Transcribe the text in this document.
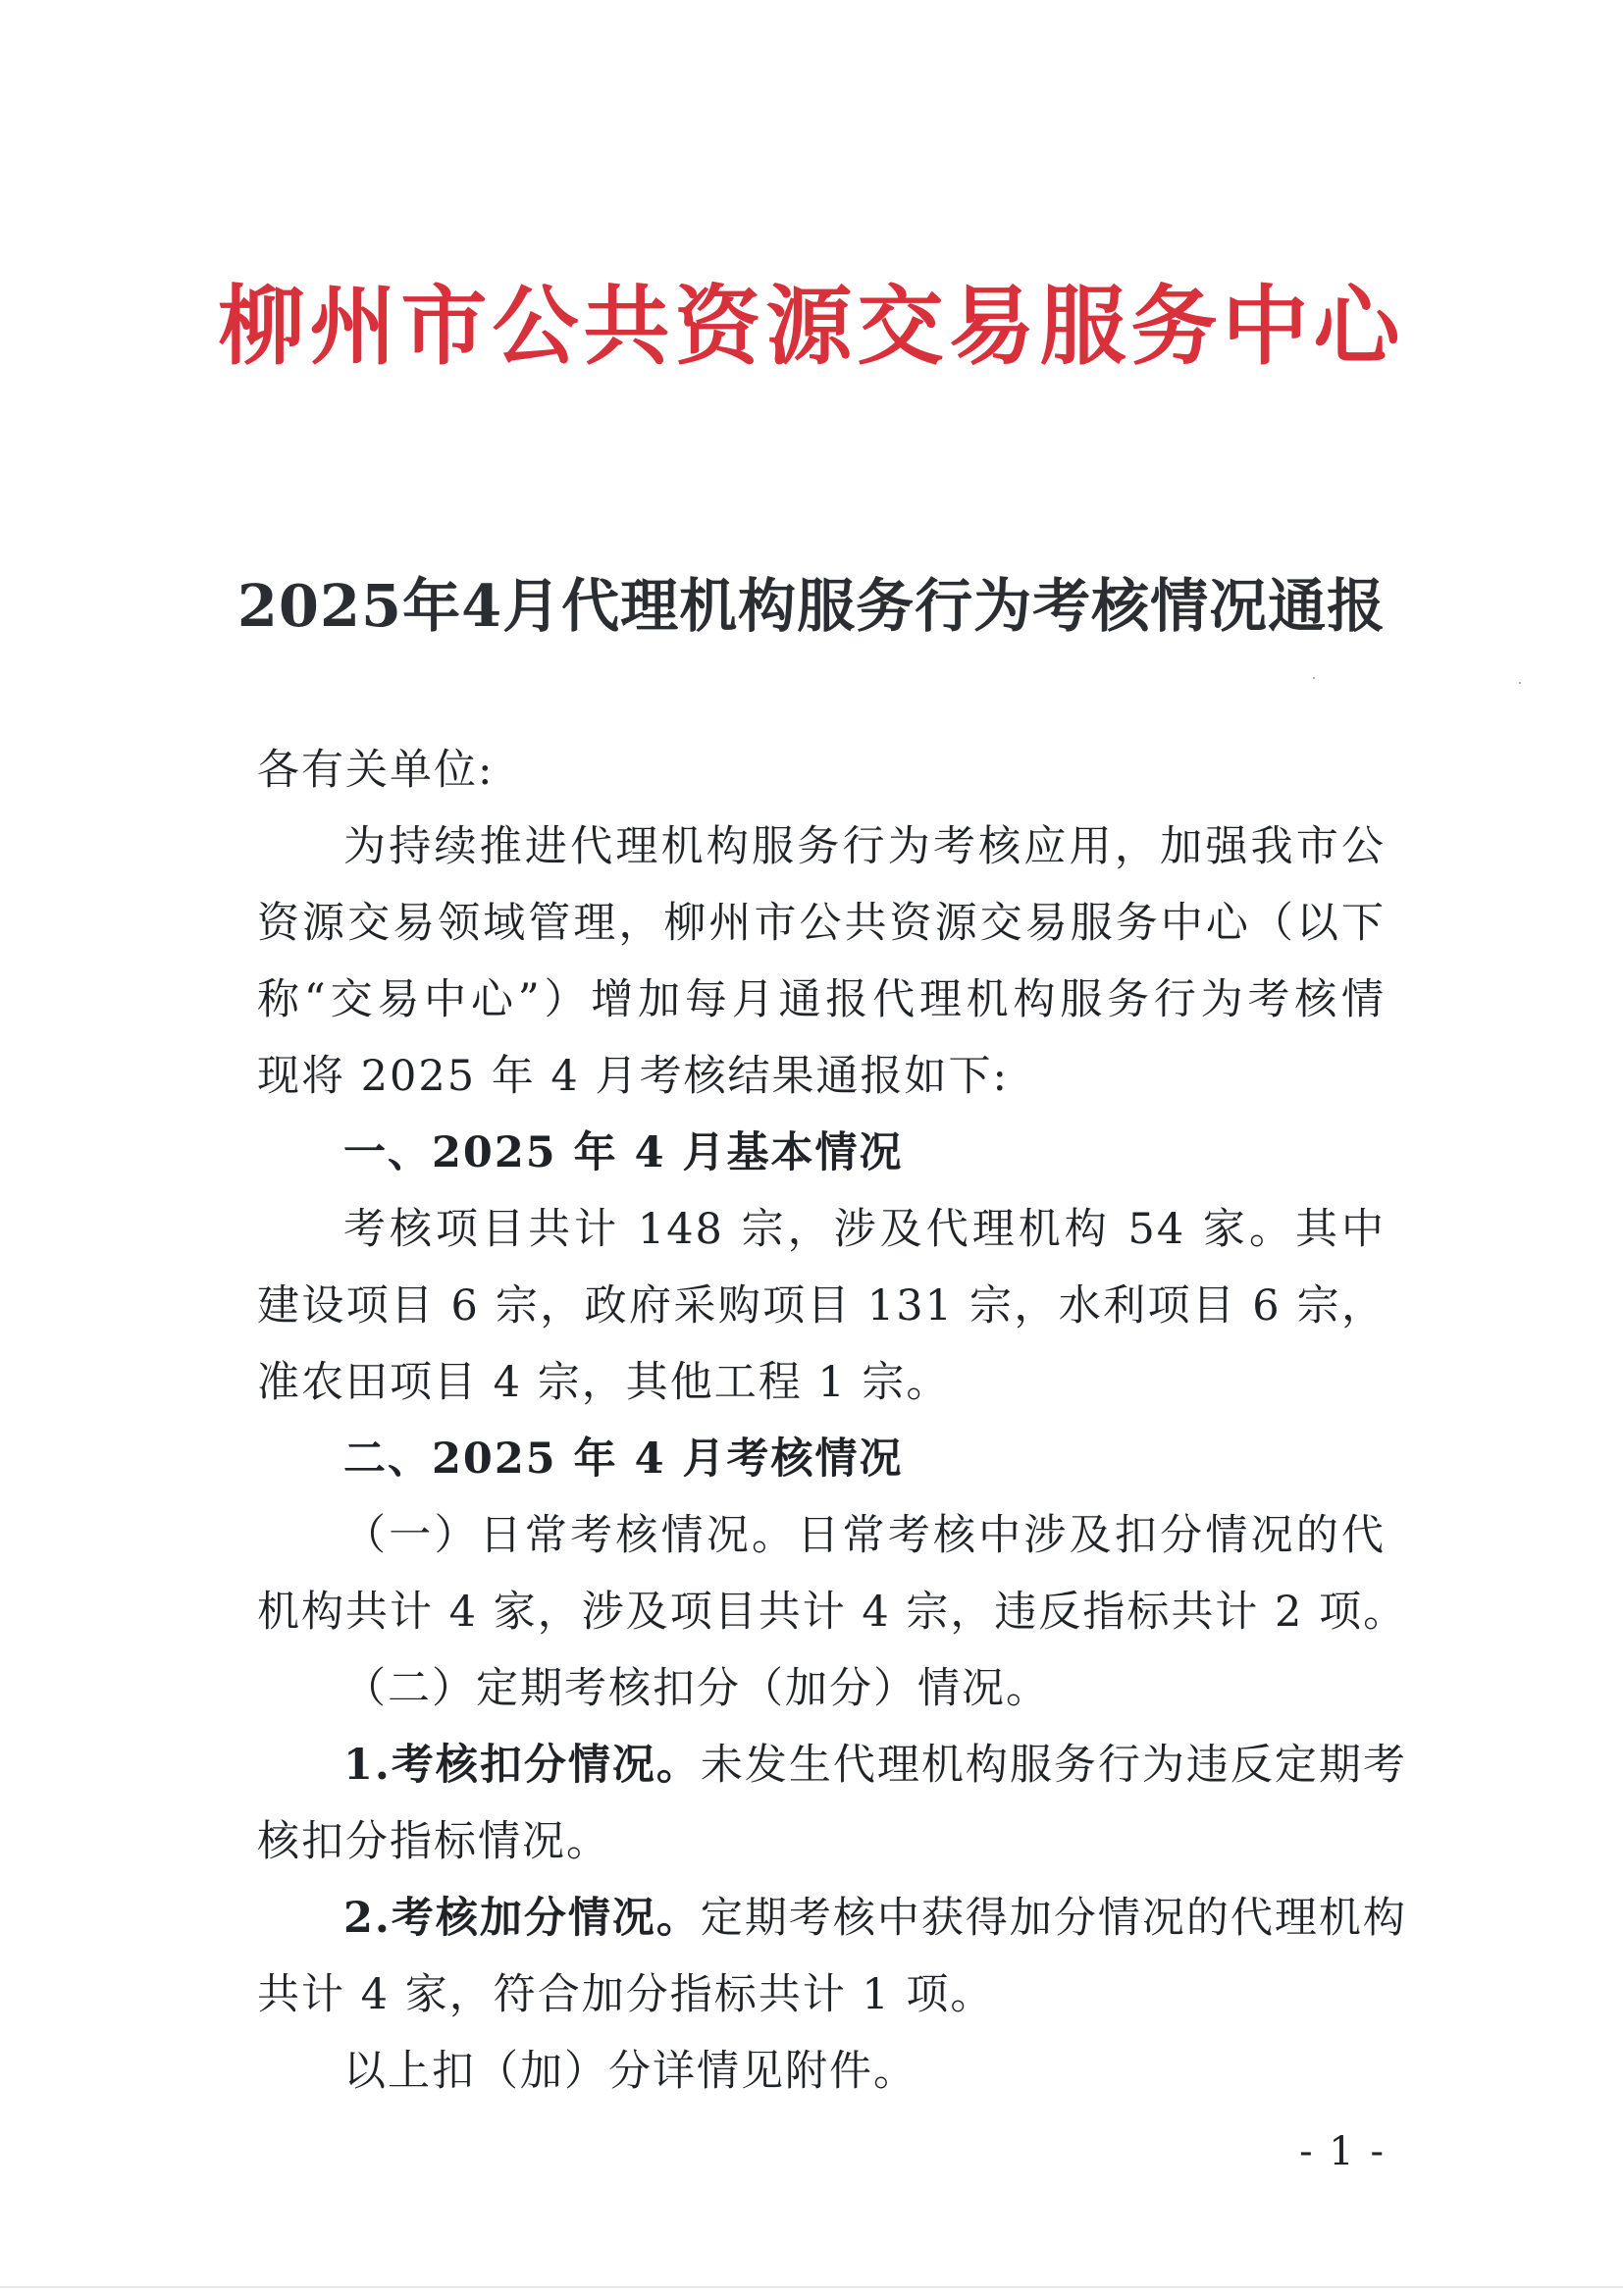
柳州市公共资源交易服务中心
2025年4月代理机构服务行为考核情况通报
各有关单位:
为持续推进代理机构服务行为考核应用，加强我市公
资源交易领域管理，柳州市公共资源交易服务中心（以下
称“交易中心”）增加每月通报代理机构服务行为考核情
现将 2025 年 4 月考核结果通报如下:
一、2025 年 4 月基本情况
考核项目共计 148 宗，涉及代理机构 54 家。其中
建设项目 6 宗，政府采购项目 131 宗，水利项目 6 宗，
准农田项目 4 宗，其他工程 1 宗。
二、2025 年 4 月考核情况
（一）日常考核情况。日常考核中涉及扣分情况的代
机构共计 4 家，涉及项目共计 4 宗，违反指标共计 2 项。
（二）定期考核扣分（加分）情况。
1.考核扣分情况。未发生代理机构服务行为违反定期考
核扣分指标情况。
2.考核加分情况。定期考核中获得加分情况的代理机构
共计 4 家，符合加分指标共计 1 项。
以上扣（加）分详情见附件。
- 1 -
